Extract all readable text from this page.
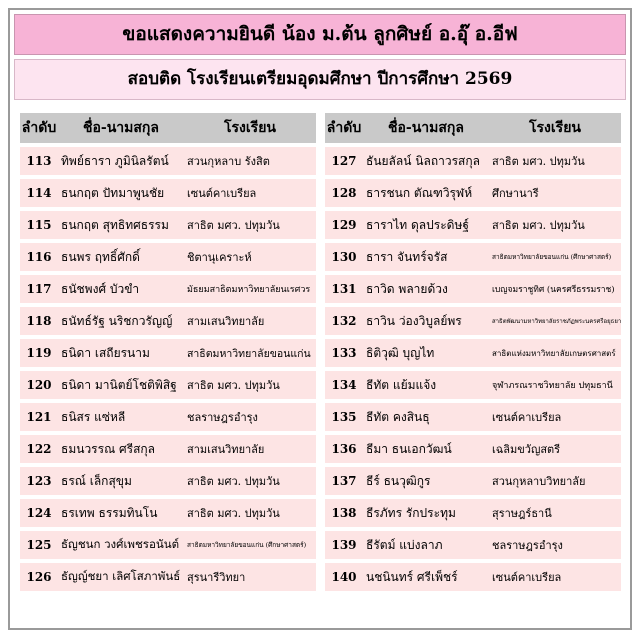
ขอแสดงความยินดี น้อง ม.ต้น ลูกศิษย์ อ.อุ๊ อ.อีฟ
สอบติด โรงเรียนเตรียมอุดมศึกษา ปีการศึกษา 2569
ลำดับ	ชื่อ-นามสกุล	โรงเรียน
113	ทิพย์ธารา ภูมินิลรัตน์	สวนกุหลาบ รังสิต
114	ธนกฤต ปัทมาพูนชัย	เซนต์คาเบรียล
115	ธนกฤต สุทธิทศธรรม	สาธิต มศว. ปทุมวัน
116	ธนพร ฤทธิ์ศักดิ์	ชิตานุเคราะห์
117	ธนัชพงศ์ บัวขำ	มัธยมสาธิตมหาวิทยาลัยนเรศวร
118	ธนัทธ์รัฐ นริชกวรัญญ์	สามเสนวิทยาลัย
119	ธนิดา เสถียรนาม	สาธิตมหาวิทยาลัยขอนแก่น
120	ธนิดา มานิตย์โชติพิสิฐ	สาธิต มศว. ปทุมวัน
121	ธนิสร แซ่หลี	ชลราษฎรอำรุง
122	ธมนวรรณ ศรีสกุล	สามเสนวิทยาลัย
123	ธรณ์ เล็กสุขุม	สาธิต มศว. ปทุมวัน
124	ธรเทพ ธรรมทินโน	สาธิต มศว. ปทุมวัน
125	ธัญชนก วงศ์เพชรอนันต์	สาธิตมหาวิทยาลัยขอนแก่น (ศึกษาศาสตร์)
126	ธัญญ์ชยา เลิศโสภาพันธ์	สุรนารีวิทยา
ลำดับ	ชื่อ-นามสกุล	โรงเรียน
127	ธันยลัลน์ นิลถาวรสกุล	สาธิต มศว. ปทุมวัน
128	ธารชนก ตัณฑวิรุฬห์	ศึกษานารี
129	ธาราไท ดุลประดิษฐ์	สาธิต มศว. ปทุมวัน
130	ธารา จันทร์จรัส	สาธิตมหาวิทยาลัยขอนแก่น (ศึกษาศาสตร์)
131	ธาวิด พลายด้วง	เบญจมราชูทิศ (นครศรีธรรมราช)
132	ธาวิน ว่องวิบูลย์พร	สาธิตพัฒนามหาวิทยาลัยราชภัฏพระนครศรีอยุธยา
133	ธิติวุฒิ บุญไท	สาธิตแห่งมหาวิทยาลัยเกษตรศาสตร์
134	ธีทัต แย้มแจ้ง	จุฬาภรณราชวิทยาลัย ปทุมธานี
135	ธีทัต คงสินธุ	เซนต์คาเบรียล
136	ธีมา ธนเอกวัฒน์	เฉลิมขวัญสตรี
137	ธีร์ ธนวุฒิกูร	สวนกุหลาบวิทยาลัย
138	ธีรภัทร รักประทุม	สุราษฎร์ธานี
139	ธีรัตม์ แบ่งลาภ	ชลราษฎรอำรุง
140	นชนินทร์ ศรีเพ็ชร์	เซนต์คาเบรียล
